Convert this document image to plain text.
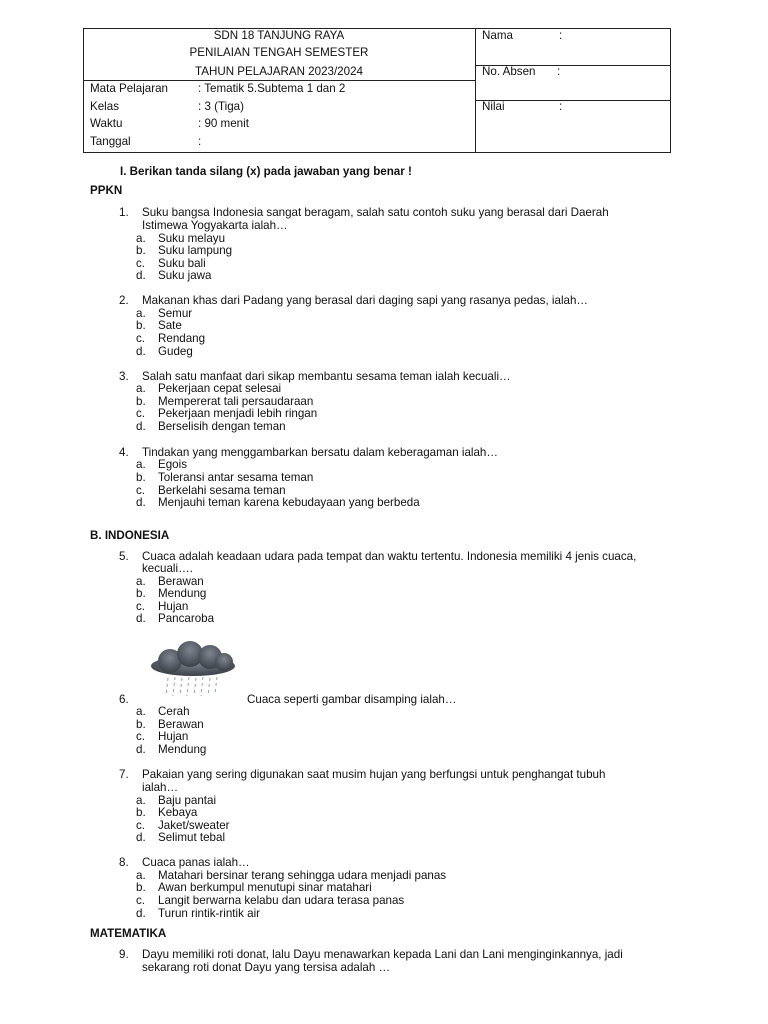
SDN 18 TANJUNG RAYA
PENILAIAN TENGAH SEMESTER
TAHUN PELAJARAN 2023/2024
Mata Pelajaran	: Tematik 5.Subtema 1 dan 2
Kelas	: 3 (Tiga)
Waktu	: 90 menit
Tanggal	:
Nama	:
No. Absen :
Nilai	:
I. Berikan tanda silang (x) pada jawaban yang benar !
PPKN
B. INDONESIA
MATEMATIKA
1. Suku bangsa Indonesia sangat beragam, salah satu contoh suku yang berasal dari Daerah
Istimewa Yogyakarta ialah…
a. Suku melayu
b. Suku lampung
c. Suku bali
d. Suku jawa
2. Makanan khas dari Padang yang berasal dari daging sapi yang rasanya pedas, ialah…
a. Semur
b. Sate
c. Rendang
d. Gudeg
3. Salah satu manfaat dari sikap membantu sesama teman ialah kecuali…
a. Pekerjaan cepat selesai
b. Mempererat tali persaudaraan
c. Pekerjaan menjadi lebih ringan
d. Berselisih dengan teman
4. Tindakan yang menggambarkan bersatu dalam keberagaman ialah…
a. Egois
b. Toleransi antar sesama teman
c. Berkelahi sesama teman
d. Menjauhi teman karena kebudayaan yang berbeda
5. Cuaca adalah keadaan udara pada tempat dan waktu tertentu. Indonesia memiliki 4 jenis cuaca,
kecuali….
a. Berawan
b. Mendung
c. Hujan
d. Pancaroba
6.	Cuaca seperti gambar disamping ialah…
a. Cerah
b. Berawan
c. Hujan
d. Mendung
7. Pakaian yang sering digunakan saat musim hujan yang berfungsi untuk penghangat tubuh
ialah…
a. Baju pantai
b. Kebaya
c. Jaket/sweater
d. Selimut tebal
8. Cuaca panas ialah…
a. Matahari bersinar terang sehingga udara menjadi panas
b. Awan berkumpul menutupi sinar matahari
c. Langit berwarna kelabu dan udara terasa panas
d. Turun rintik-rintik air
9. Dayu memiliki roti donat, lalu Dayu menawarkan kepada Lani dan Lani menginginkannya, jadi
sekarang roti donat Dayu yang tersisa adalah …
